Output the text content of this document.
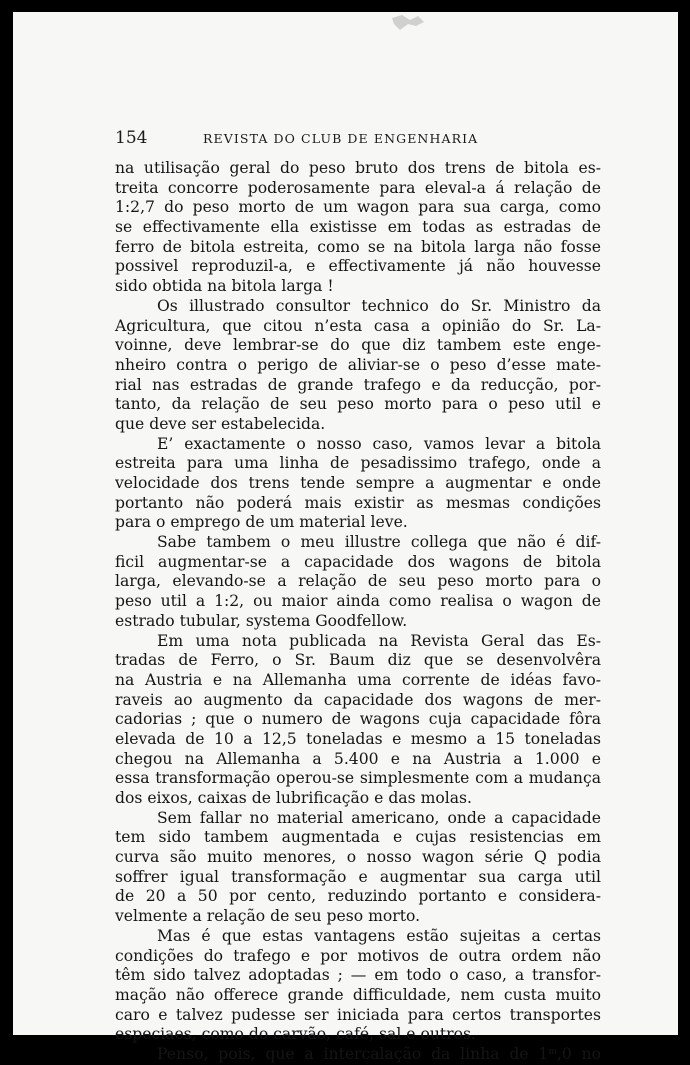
154	REVISTA DO CLUB DE ENGENHARIA
na utilisação geral do peso bruto dos trens de bitola es-
treita concorre poderosamente para eleval-a á relação de
1:2,7 do peso morto de um wagon para sua carga, como
se effectivamente ella existisse em todas as estradas de
ferro de bitola estreita, como se na bitola larga não fosse
possivel reproduzil-a, e effectivamente já não houvesse
sido obtida na bitola larga !
Os illustrado consultor technico do Sr. Ministro da
Agricultura, que citou n’esta casa a opinião do Sr. La-
voinne, deve lembrar-se do que diz tambem este enge-
nheiro contra o perigo de aliviar-se o peso d’esse mate-
rial nas estradas de grande trafego e da reducção, por-
tanto, da relação de seu peso morto para o peso util e
que deve ser estabelecida.
E’ exactamente o nosso caso, vamos levar a bitola
estreita para uma linha de pesadissimo trafego, onde a
velocidade dos trens tende sempre a augmentar e onde
portanto não poderá mais existir as mesmas condições
para o emprego de um material leve.
Sabe tambem o meu illustre collega que não é dif-
ficil augmentar-se a capacidade dos wagons de bitola
larga, elevando-se a relação de seu peso morto para o
peso util a 1:2, ou maior ainda como realisa o wagon de
estrado tubular, systema Goodfellow.
Em uma nota publicada na Revista Geral das Es-
tradas de Ferro, o Sr. Baum diz que se desenvolvêra
na Austria e na Allemanha uma corrente de idéas favo-
raveis ao augmento da capacidade dos wagons de mer-
cadorias ; que o numero de wagons cuja capacidade fôra
elevada de 10 a 12,5 toneladas e mesmo a 15 toneladas
chegou na Allemanha a 5.400 e na Austria a 1.000 e
essa transformação operou-se simplesmente com a mudança
dos eixos, caixas de lubrificação e das molas.
Sem fallar no material americano, onde a capacidade
tem sido tambem augmentada e cujas resistencias em
curva são muito menores, o nosso wagon série Q podia
soffrer igual transformação e augmentar sua carga util
de 20 a 50 por cento, reduzindo portanto e considera-
velmente a relação de seu peso morto.
Mas é que estas vantagens estão sujeitas a certas
condições do trafego e por motivos de outra ordem não
têm sido talvez adoptadas ; — em todo o caso, a transfor-
mação não offerece grande difficuldade, nem custa muito
caro e talvez pudesse ser iniciada para certos transportes
especiaes, como do carvão, café, sal e outros.
Penso, pois, que a intercalação da linha de 1$^m$,0 no
